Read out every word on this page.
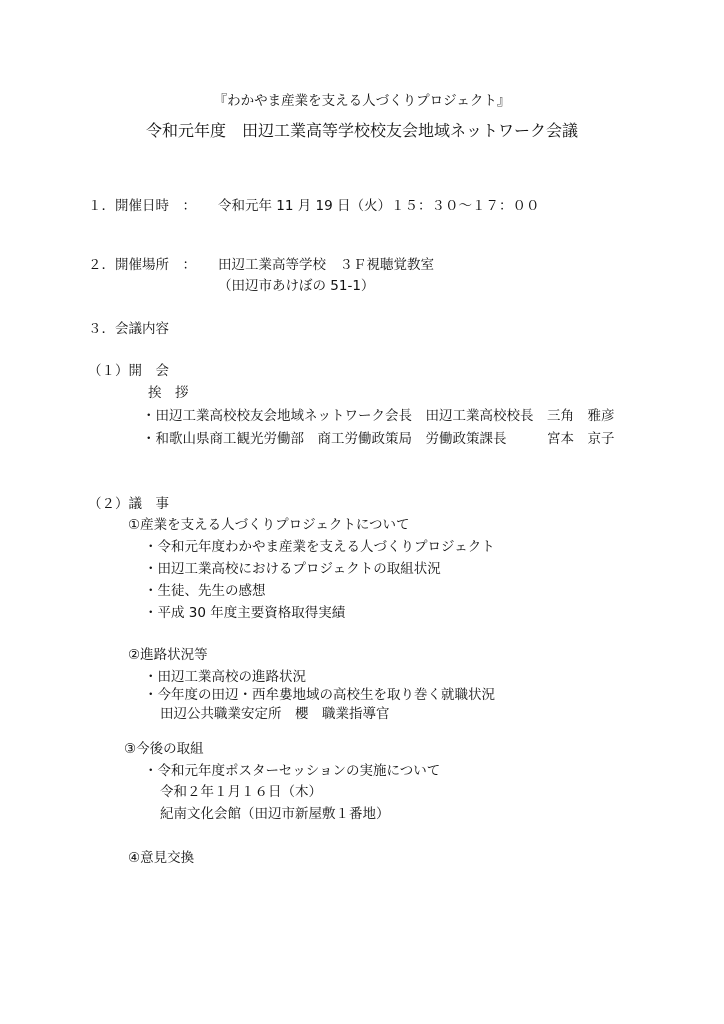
『わかやま産業を支える人づくりプロジェクト』
令和元年度　田辺工業高等学校校友会地域ネットワーク会議
１．開催日時　： 令和元年 11 月 19 日（火）１５：３０～１７：００
２．開催場所　： 田辺工業高等学校　３Ｆ視聴覚教室
（田辺市あけぼの 51-1）
３．会議内容
（１）開　会
挨　拶
・田辺工業高校校友会地域ネットワーク会長　田辺工業高校校長　三角　雅彦
・和歌山県商工観光労働部　商工労働政策局　労働政策課長　　　宮本　京子
（２）議　事
①産業を支える人づくりプロジェクトについて
・令和元年度わかやま産業を支える人づくりプロジェクト
・田辺工業高校におけるプロジェクトの取組状況
・生徒、先生の感想
・平成 30 年度主要資格取得実績
②進路状況等
・田辺工業高校の進路状況
・今年度の田辺・西牟婁地域の高校生を取り巻く就職状況
田辺公共職業安定所　櫻　職業指導官
③今後の取組
・令和元年度ポスターセッションの実施について
令和２年１月１６日（木）
紀南文化会館（田辺市新屋敷１番地）
④意見交換
